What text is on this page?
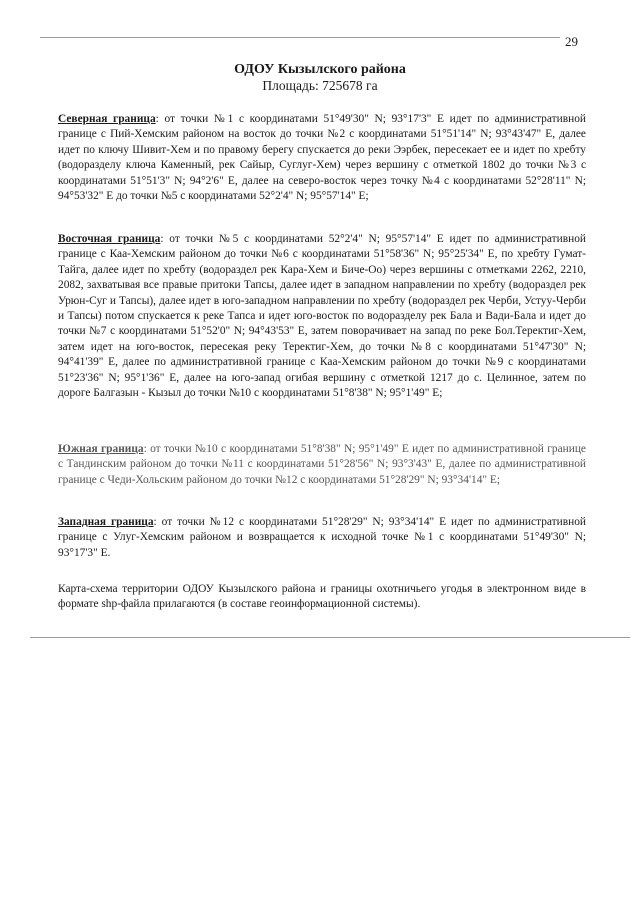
29
ОДОУ Кызылского района
Площадь: 725678 га
Северная граница: от точки №1 с координатами 51°49'30" N; 93°17'3" E идет по административной границе с Пий-Хемским районом на восток до точки №2 с координатами 51°51'14" N; 93°43'47" E, далее идет по ключу Шивит-Хем и по правому берегу спускается до реки Ээрбек, пересекает ее и идет по хребту (водоразделу ключа Каменный, рек Сайыр, Суглуг-Хем) через вершину с отметкой 1802 до точки №3 с координатами 51°51'3" N; 94°2'6" E, далее на северо-восток через точку №4 с координатами 52°28'11" N; 94°53'32" E до точки №5 с координатами 52°2'4" N; 95°57'14" E;
Восточная граница: от точки №5 с координатами 52°2'4" N; 95°57'14" E идет по административной границе с Каа-Хемским районом до точки №6 с координатами 51°58'36" N; 95°25'34" E, по хребту Гумат-Тайга, далее идет по хребту (водораздел рек Кара-Хем и Бичe-Оо) через вершины с отметками 2262, 2210, 2082, захватывая все правые притоки Тапсы, далее идет в западном направлении по хребту (водораздел рек Урюн-Суг и Тапсы), далее идет в юго-западном направлении по хребту (водораздел рек Черби, Устуу-Черби и Тапсы) потом спускается к реке Тапса и идет юго-восток по водоразделу рек Бала и Вади-Бала и идет до точки №7 с координатами 51°52'0" N; 94°43'53" E, затем поворачивает на запад по реке Бол.Теректиг-Хем, затем идет на юго-восток, пересекая реку Теректиг-Хем, до точки №8 с координатами 51°47'30" N; 94°41'39" E, далее по административной границе с Каа-Хемским районом до точки №9 с координатами 51°23'36" N; 95°1'36" E, далее на юго-запад огибая вершину с отметкой 1217 до с. Целинное, затем по дороге Балгазын - Кызыл до точки №10 с координатами 51°8'38" N; 95°1'49" E;
Южная граница: от точки №10 с координатами 51°8'38" N; 95°1'49" E идет по административной границе с Тандинским районом до точки №11 с координатами 51°28'56" N; 93°3'43" E, далее по административной границе с Чеди-Хольским районом до точки №12 с координатами 51°28'29" N; 93°34'14" E;
Западная граница: от точки №12 с координатами 51°28'29" N; 93°34'14" E идет по административной границе с Улуг-Хемским районом и возвращается к исходной точке №1 с координатами 51°49'30" N; 93°17'3" E.
Карта-схема территории ОДОУ Кызылского района и границы охотничьего угодья в электронном виде в формате shp-файла прилагаются (в составе геоинформационной системы).
